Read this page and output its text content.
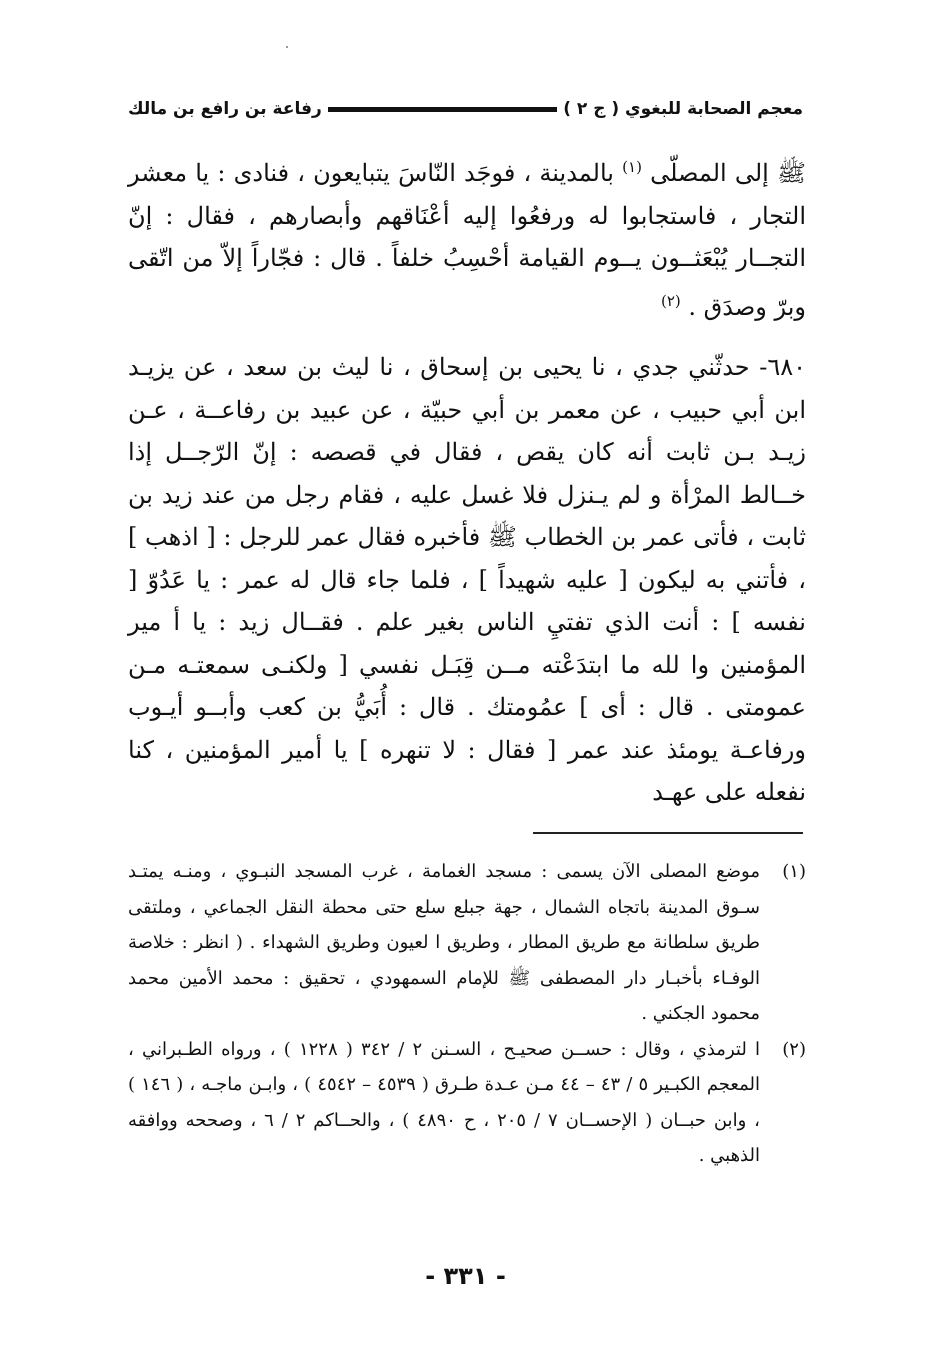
معجم الصحابة للبغوي ( ج ٢ )
رفاعة بن رافع بن مالك

ﷺ إلى المصلّى $^{(١)}$ بالمدينة ، فوجَد النّاسَ يتبايعون ، فنادى : يا معشر التجار ، فاستجابوا له ورفعُوا إليه أعْنَاقهم وأبصارهم ، فقال : إنّ التجــار يُبْعَثــون يــوم القيامة أحْسِبُ خلفاً . قال : فجّاراً إلاّ من اتّقى وبرّ وصدَق . $^{(٢)}$

٦٨٠- حدثّني جدي ، نا يحيى بن إسحاق ، نا ليث بن سعد ، عن يزيـد ابن أبي حبيب ، عن معمر بن أبي حبيّة ، عن عبيد بن رفاعــة ، عـن زيـد بـن ثابت أنه كان يقص ، فقال في قصصه : إنّ الرّجــل إذا خــالط المرْأة و لم يـنزل فلا غسل عليه ، فقام رجل من عند زيد بن ثابت ، فأتى عمر بن الخطاب ﷺ فأخبره فقال عمر للرجل : [ اذهب ] ، فأتني به ليكون [ عليه شهيداً ] ، فلما جاء قال له عمر : يا عَدُوّ [ نفسه ] : أنت الذي تفتيِ الناس بغير علم . فقــال زيد : يا أ مير المؤمنين وا لله ما ابتدَعْته مــن قِبَـل نفسي [ ولكنـى سمعتـه مـن عمومتى . قال : أى ] عمُومتك . قال : أُبَيُّ بن كعب وأبــو أيـوب ورفاعـة يومئذ عند عمر [ فقال : لا تنهره ] يا أمير المؤمنين ، كنا نفعله على عهـد

(١)
موضع المصلى الآن يسمى : مسجد الغمامة ، غرب المسجد النبـوي ، ومنـه يمتـد سـوق المدينة باتجاه الشمال ، جهة جبلع سلع حتى محطة النقل الجماعي ، وملتقى طريق سلطانة مع طريق المطار ، وطريق ا لعيون وطريق الشهداء . ( انظر : خلاصة الوفـاء بأخبـار دار المصطفى ﷺ للإمام السمهودي ، تحقيق : محمد الأمين محمد محمود الجكني .
(٢)
ا لترمذي ، وقال : حســن صحيـح ، السـنن ٢ / ٣٤٢ ( ١٢٢٨ ) ، ورواه الطـبراني ، المعجم الكبـير ٥ / ٤٣ – ٤٤ مـن عـدة طـرق ( ٤٥٣٩ – ٤٥٤٢ ) ، وابـن ماجـه ، ( ١٤٦ ) ، وابن حبــان ( الإحســان ٧ / ٢٠٥ ، ح ٤٨٩٠ ) ، والحــاكم ٢ / ٦ ، وصححه ووافقه الذهبي .
- ٣٣١ -
